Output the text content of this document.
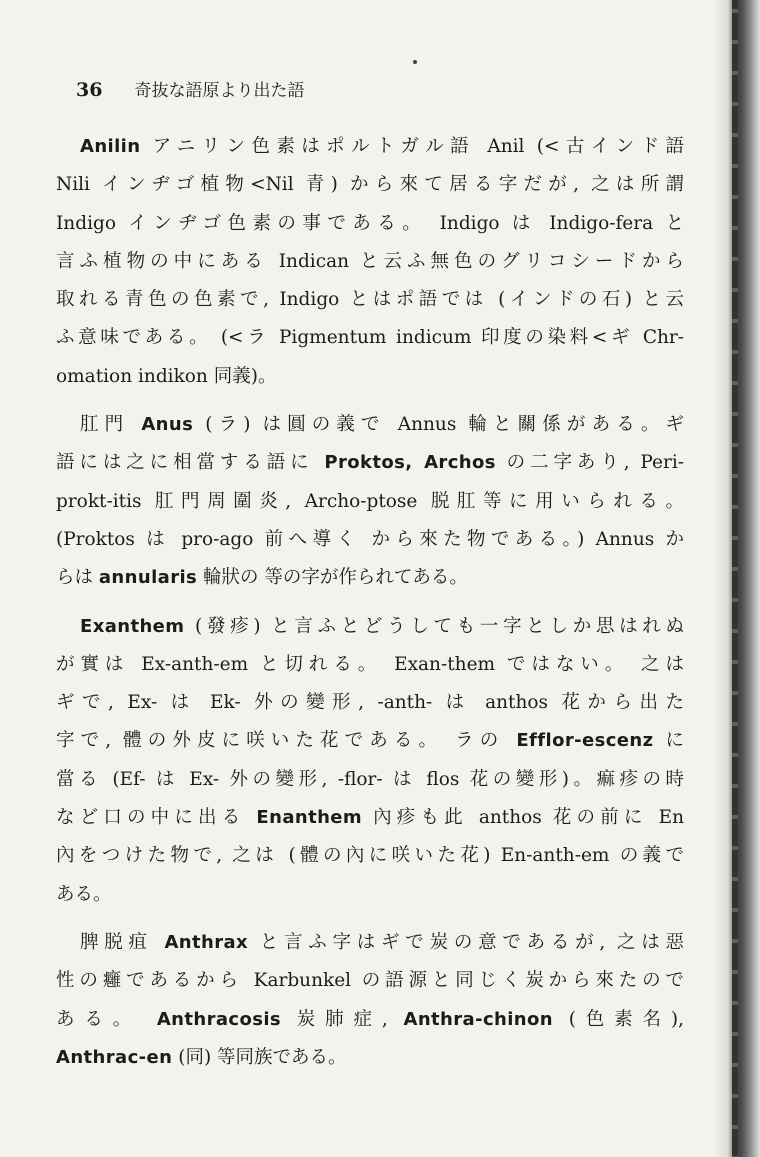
36 奇抜な語原より出た語
Anilin アニリン色素はポルトガル語 Anil (<古インド語
Nili インヂゴ植物<Nil 青) から來て居る字だが, 之は所謂
Indigo インヂゴ色素の事である。 Indigo は Indigo-fera と
言ふ植物の中にある Indican と云ふ無色のグリコシードから
取れる青色の色素で, Indigo とはポ語では (インドの石) と云
ふ意味である。 (<ラ Pigmentum indicum 印度の染料<ギ Chr-
omation indikon 同義)。
肛門 Anus (ラ) は圓の義で Annus 輪と關係がある。ギ
語には之に相當する語に Proktos, Archos の二字あり, Peri-
prokt-itis 肛門周圍炎, Archo-ptose 脱肛等に用いられる。
(Proktos は pro-ago 前へ導く から來た物である。) Annus か
らは annularis 輪狀の 等の字が作られてある。
Exanthem (發疹) と言ふとどうしても一字としか思はれぬ
が實は Ex-anth-em と切れる。 Exan-them ではない。 之は
ギで, Ex- は Ek- 外の變形, -anth- は anthos 花から出た
字で, 體の外皮に咲いた花である。 ラの Efflor-escenz に
當る (Ef- は Ex- 外の變形, -flor- は flos 花の變形)。痲疹の時
など口の中に出る Enanthem 內疹も此 anthos 花の前に En
內をつけた物で, 之は (體の內に咲いた花) En-anth-em の義で
ある。
脾脱疽 Anthrax と言ふ字はギで炭の意であるが, 之は惡
性の癰であるから Karbunkel の語源と同じく炭から來たので
ある。 Anthracosis 炭肺症, Anthra-chinon (色素名),
Anthrac-en (同) 等同族である。
